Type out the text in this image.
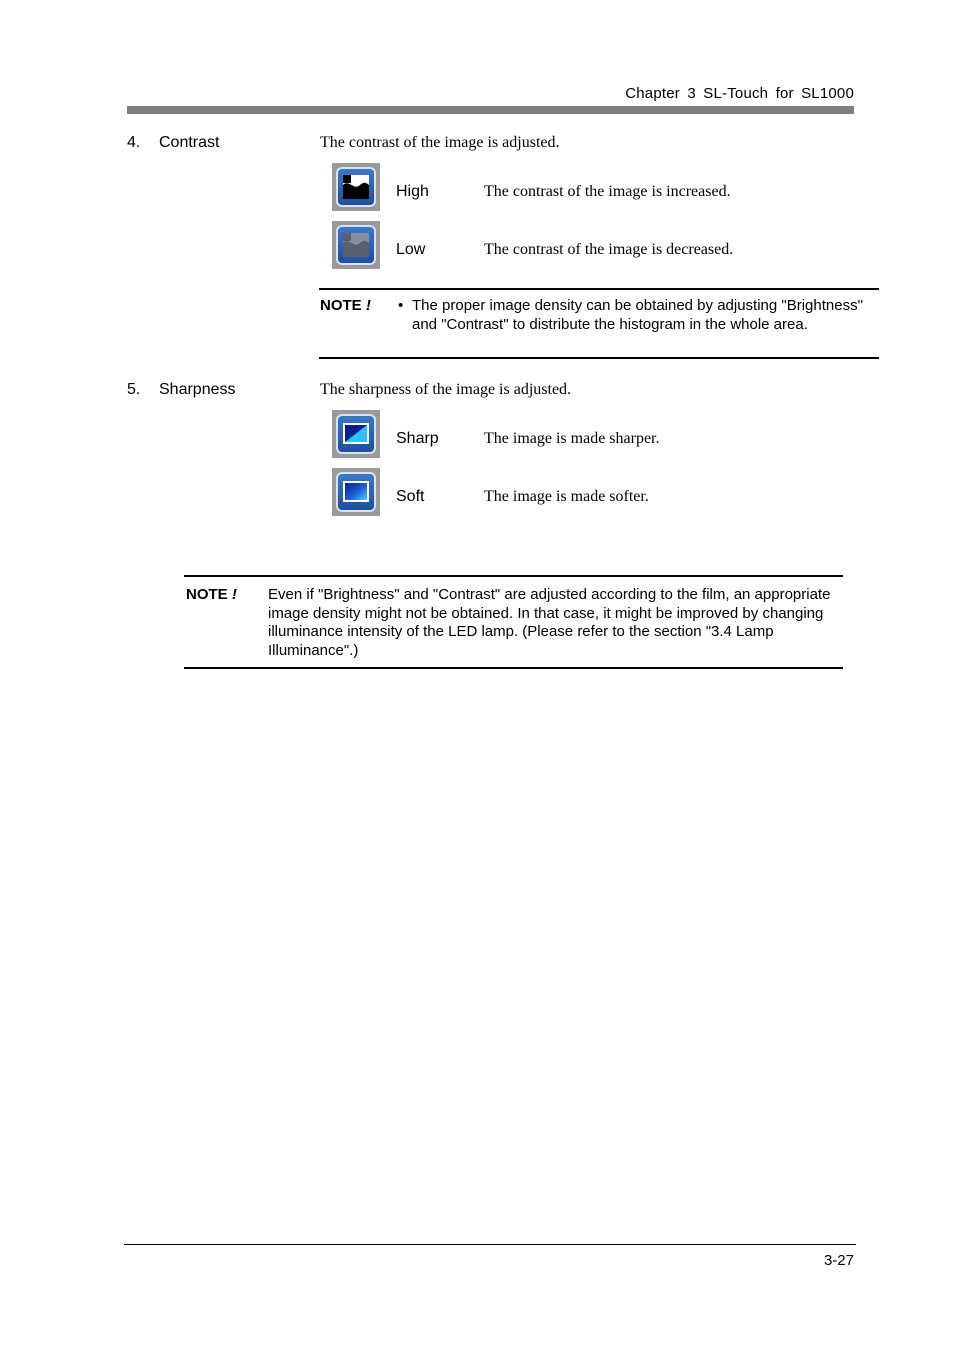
Chapter 3 SL-Touch for SL1000
4. Contrast	The contrast of the image is adjusted.
High	The contrast of the image is increased.
Low	The contrast of the image is decreased.
NOTE ! • The proper image density can be obtained by adjusting "Brightness" and "Contrast" to distribute the histogram in the whole area.
5. Sharpness	The sharpness of the image is adjusted.
Sharp	The image is made sharper.
Soft	The image is made softer.
NOTE ! Even if "Brightness" and "Contrast" are adjusted according to the film, an appropriate image density might not be obtained. In that case, it might be improved by changing illuminance intensity of the LED lamp. (Please refer to the section "3.4 Lamp Illuminance".)
3-27
